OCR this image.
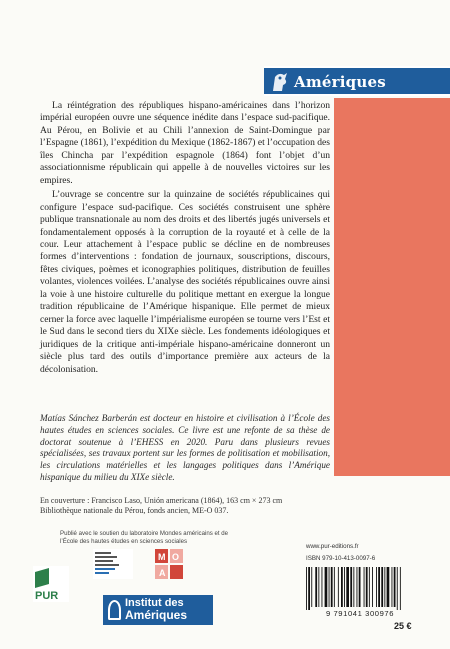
Amériques

La réintégration des républiques hispano-américaines dans l’horizon impérial européen ouvre une séquence inédite dans l’espace sud-pacifique. Au Pérou, en Bolivie et au Chili l’annexion de Saint-Domingue par l’Espagne (1861), l’expédition du Mexique (1862-1867) et l’occupation des îles Chincha par l’expédition espagnole (1864) font l’objet d’un associationnisme républicain qui appelle à de nouvelles victoires sur les empires.

L’ouvrage se concentre sur la quinzaine de sociétés républicaines qui configure l’espace sud-pacifique. Ces sociétés construisent une sphère publique transnationale au nom des droits et des libertés jugés universels et fondamentalement opposés à la corruption de la royauté et à celle de la cour. Leur attachement à l’espace public se décline en de nombreuses formes d’interventions : fondation de journaux, souscriptions, discours, fêtes civiques, poèmes et iconographies politiques, distribution de feuilles volantes, violences voilées. L’analyse des sociétés républicaines ouvre ainsi la voie à une histoire culturelle du politique mettant en exergue la longue tradition républicaine de l’Amérique hispanique. Elle permet de mieux cerner la force avec laquelle l’impérialisme européen se tourne vers l’Est et le Sud dans le second tiers du XIXe siècle. Les fondements idéologiques et juridiques de la critique anti-impériale hispano-américaine donneront un siècle plus tard des outils d’importance première aux acteurs de la décolonisation.

Matías Sánchez Barberán est docteur en histoire et civilisation à l’École des hautes études en sciences sociales. Ce livre est une refonte de sa thèse de doctorat soutenue à l’EHESS en 2020. Paru dans plusieurs revues spécialisées, ses travaux portent sur les formes de politisation et mobilisation, les circulations matérielles et les langages politiques dans l’Amérique hispanique du milieu du XIXe siècle.
En couverture : Francisco Laso, Unión americana (1864), 163 cm × 273 cm
Bibliothèque nationale du Pérou, fonds ancien, ME-O 037.
Publié avec le soutien du laboratoire Mondes américains et de
l’École des hautes études en sciences sociales
M O
A
PUR
Institut des
Amériques
www.pur-editions.fr
ISBN 979-10-413-0097-6
9 791041 300976
25 €
